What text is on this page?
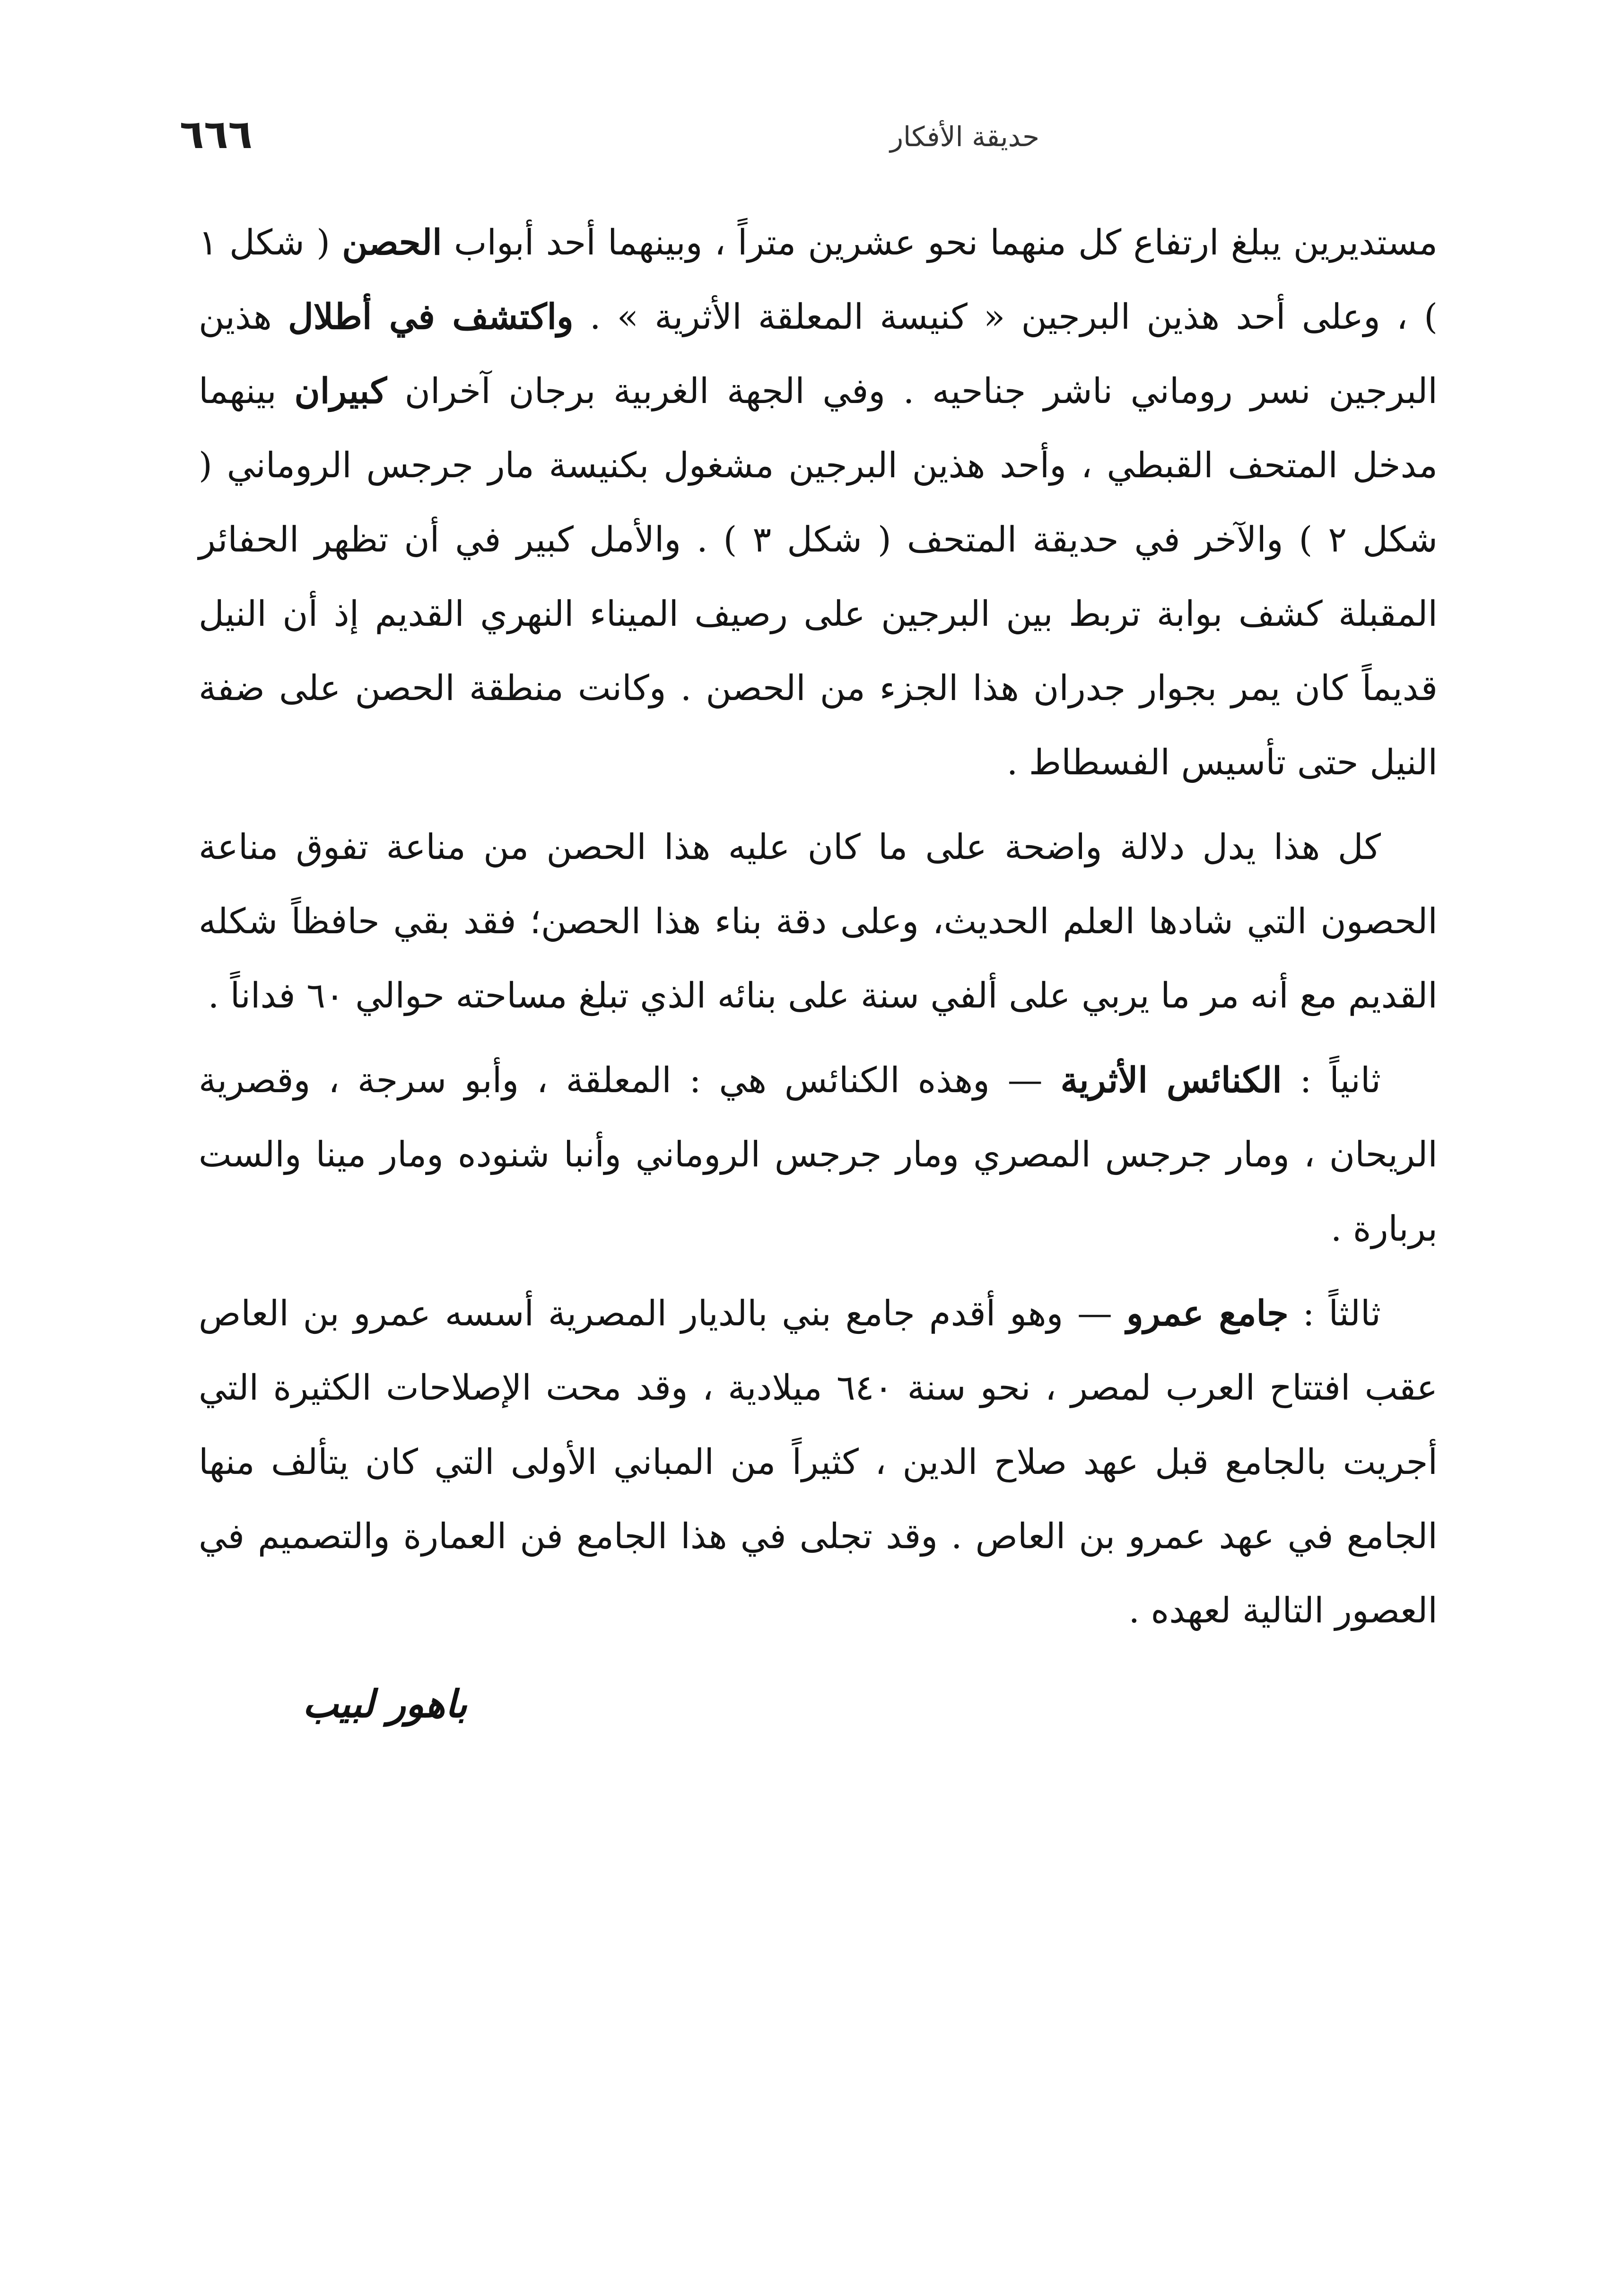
٦٦٦	حديقة الأفكار

مستديرين يبلغ ارتفاع كل منهما نحو عشرين متراً ، وبينهما أحد أبواب الحصن ( شكل ١ ) ، وعلى أحد هذين البرجين « كنيسة المعلقة الأثرية » . واكتشف في أطلال هذين البرجين نسر روماني ناشر جناحيه . وفي الجهة الغربية برجان آخران كبيران بينهما مدخل المتحف القبطي ، وأحد هذين البرجين مشغول بكنيسة مار جرجس الروماني ( شكل ٢ ) والآخر في حديقة المتحف ( شكل ٣ ) . والأمل كبير في أن تظهر الحفائر المقبلة كشف بوابة تربط بين البرجين على رصيف الميناء النهري القديم إذ أن النيل قديماً كان يمر بجوار جدران هذا الجزء من الحصن . وكانت منطقة الحصن على ضفة النيل حتى تأسيس الفسطاط .

كل هذا يدل دلالة واضحة على ما كان عليه هذا الحصن من مناعة تفوق مناعة الحصون التي شادها العلم الحديث، وعلى دقة بناء هذا الحصن؛ فقد بقي حافظاً شكله القديم مع أنه مر ما يربي على ألفي سنة على بنائه الذي تبلغ مساحته حوالي ٦٠ فداناً .

ثانياً : الكنائس الأثرية — وهذه الكنائس هي : المعلقة ، وأبو سرجة ، وقصرية الريحان ، ومار جرجس المصري ومار جرجس الروماني وأنبا شنوده ومار مينا والست بربارة .

ثالثاً : جامع عمرو — وهو أقدم جامع بني بالديار المصرية أسسه عمرو بن العاص عقب افتتاح العرب لمصر ، نحو سنة ٦٤٠ ميلادية ، وقد محت الإصلاحات الكثيرة التي أجريت بالجامع قبل عهد صلاح الدين ، كثيراً من المباني الأولى التي كان يتألف منها الجامع في عهد عمرو بن العاص . وقد تجلى في هذا الجامع فن العمارة والتصميم في العصور التالية لعهده .

باهور لبيب
